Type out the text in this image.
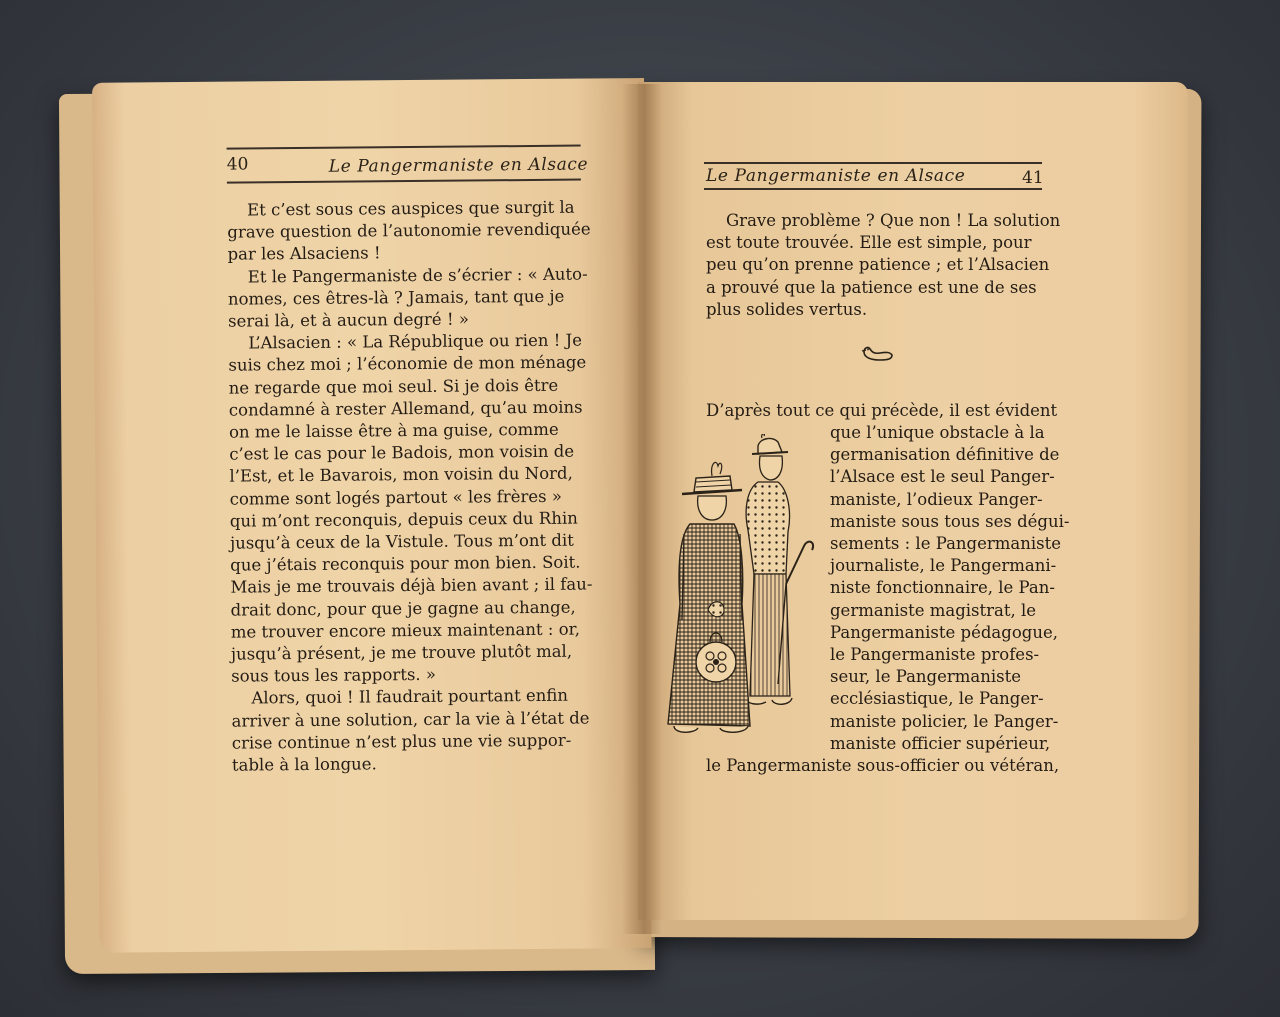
40	Le Pangermaniste en Alsace
Et c’est sous ces auspices que surgit la
grave question de l’autonomie revendiquée
par les Alsaciens !
Et le Pangermaniste de s’écrier : « Auto-
nomes, ces êtres-là ? Jamais, tant que je
serai là, et à aucun degré ! »
L’Alsacien : « La République ou rien ! Je
suis chez moi ; l’économie de mon ménage
ne regarde que moi seul. Si je dois être
condamné à rester Allemand, qu’au moins
on me le laisse être à ma guise, comme
c’est le cas pour le Badois, mon voisin de
l’Est, et le Bavarois, mon voisin du Nord,
comme sont logés partout « les frères »
qui m’ont reconquis, depuis ceux du Rhin
jusqu’à ceux de la Vistule. Tous m’ont dit
que j’étais reconquis pour mon bien. Soit.
Mais je me trouvais déjà bien avant ; il fau-
drait donc, pour que je gagne au change,
me trouver encore mieux maintenant : or,
jusqu’à présent, je me trouve plutôt mal,
sous tous les rapports. »
Alors, quoi ! Il faudrait pourtant enfin
arriver à une solution, car la vie à l’état de
crise continue n’est plus une vie suppor-
table à la longue.
Le Pangermaniste en Alsace	41
Grave problème ? Que non ! La solution
est toute trouvée. Elle est simple, pour
peu qu’on prenne patience ; et l’Alsacien
a prouvé que la patience est une de ses
plus solides vertus.
D’après tout ce qui précède, il est évident
que l’unique obstacle à la
germanisation définitive de
l’Alsace est le seul Panger-
maniste, l’odieux Panger-
maniste sous tous ses dégui-
sements : le Pangermaniste
journaliste, le Pangermani-
niste fonctionnaire, le Pan-
germaniste magistrat, le
Pangermaniste pédagogue,
le Pangermaniste profes-
seur, le Pangermaniste
ecclésiastique, le Panger-
maniste policier, le Panger-
maniste officier supérieur,
le Pangermaniste sous-officier ou vétéran,
